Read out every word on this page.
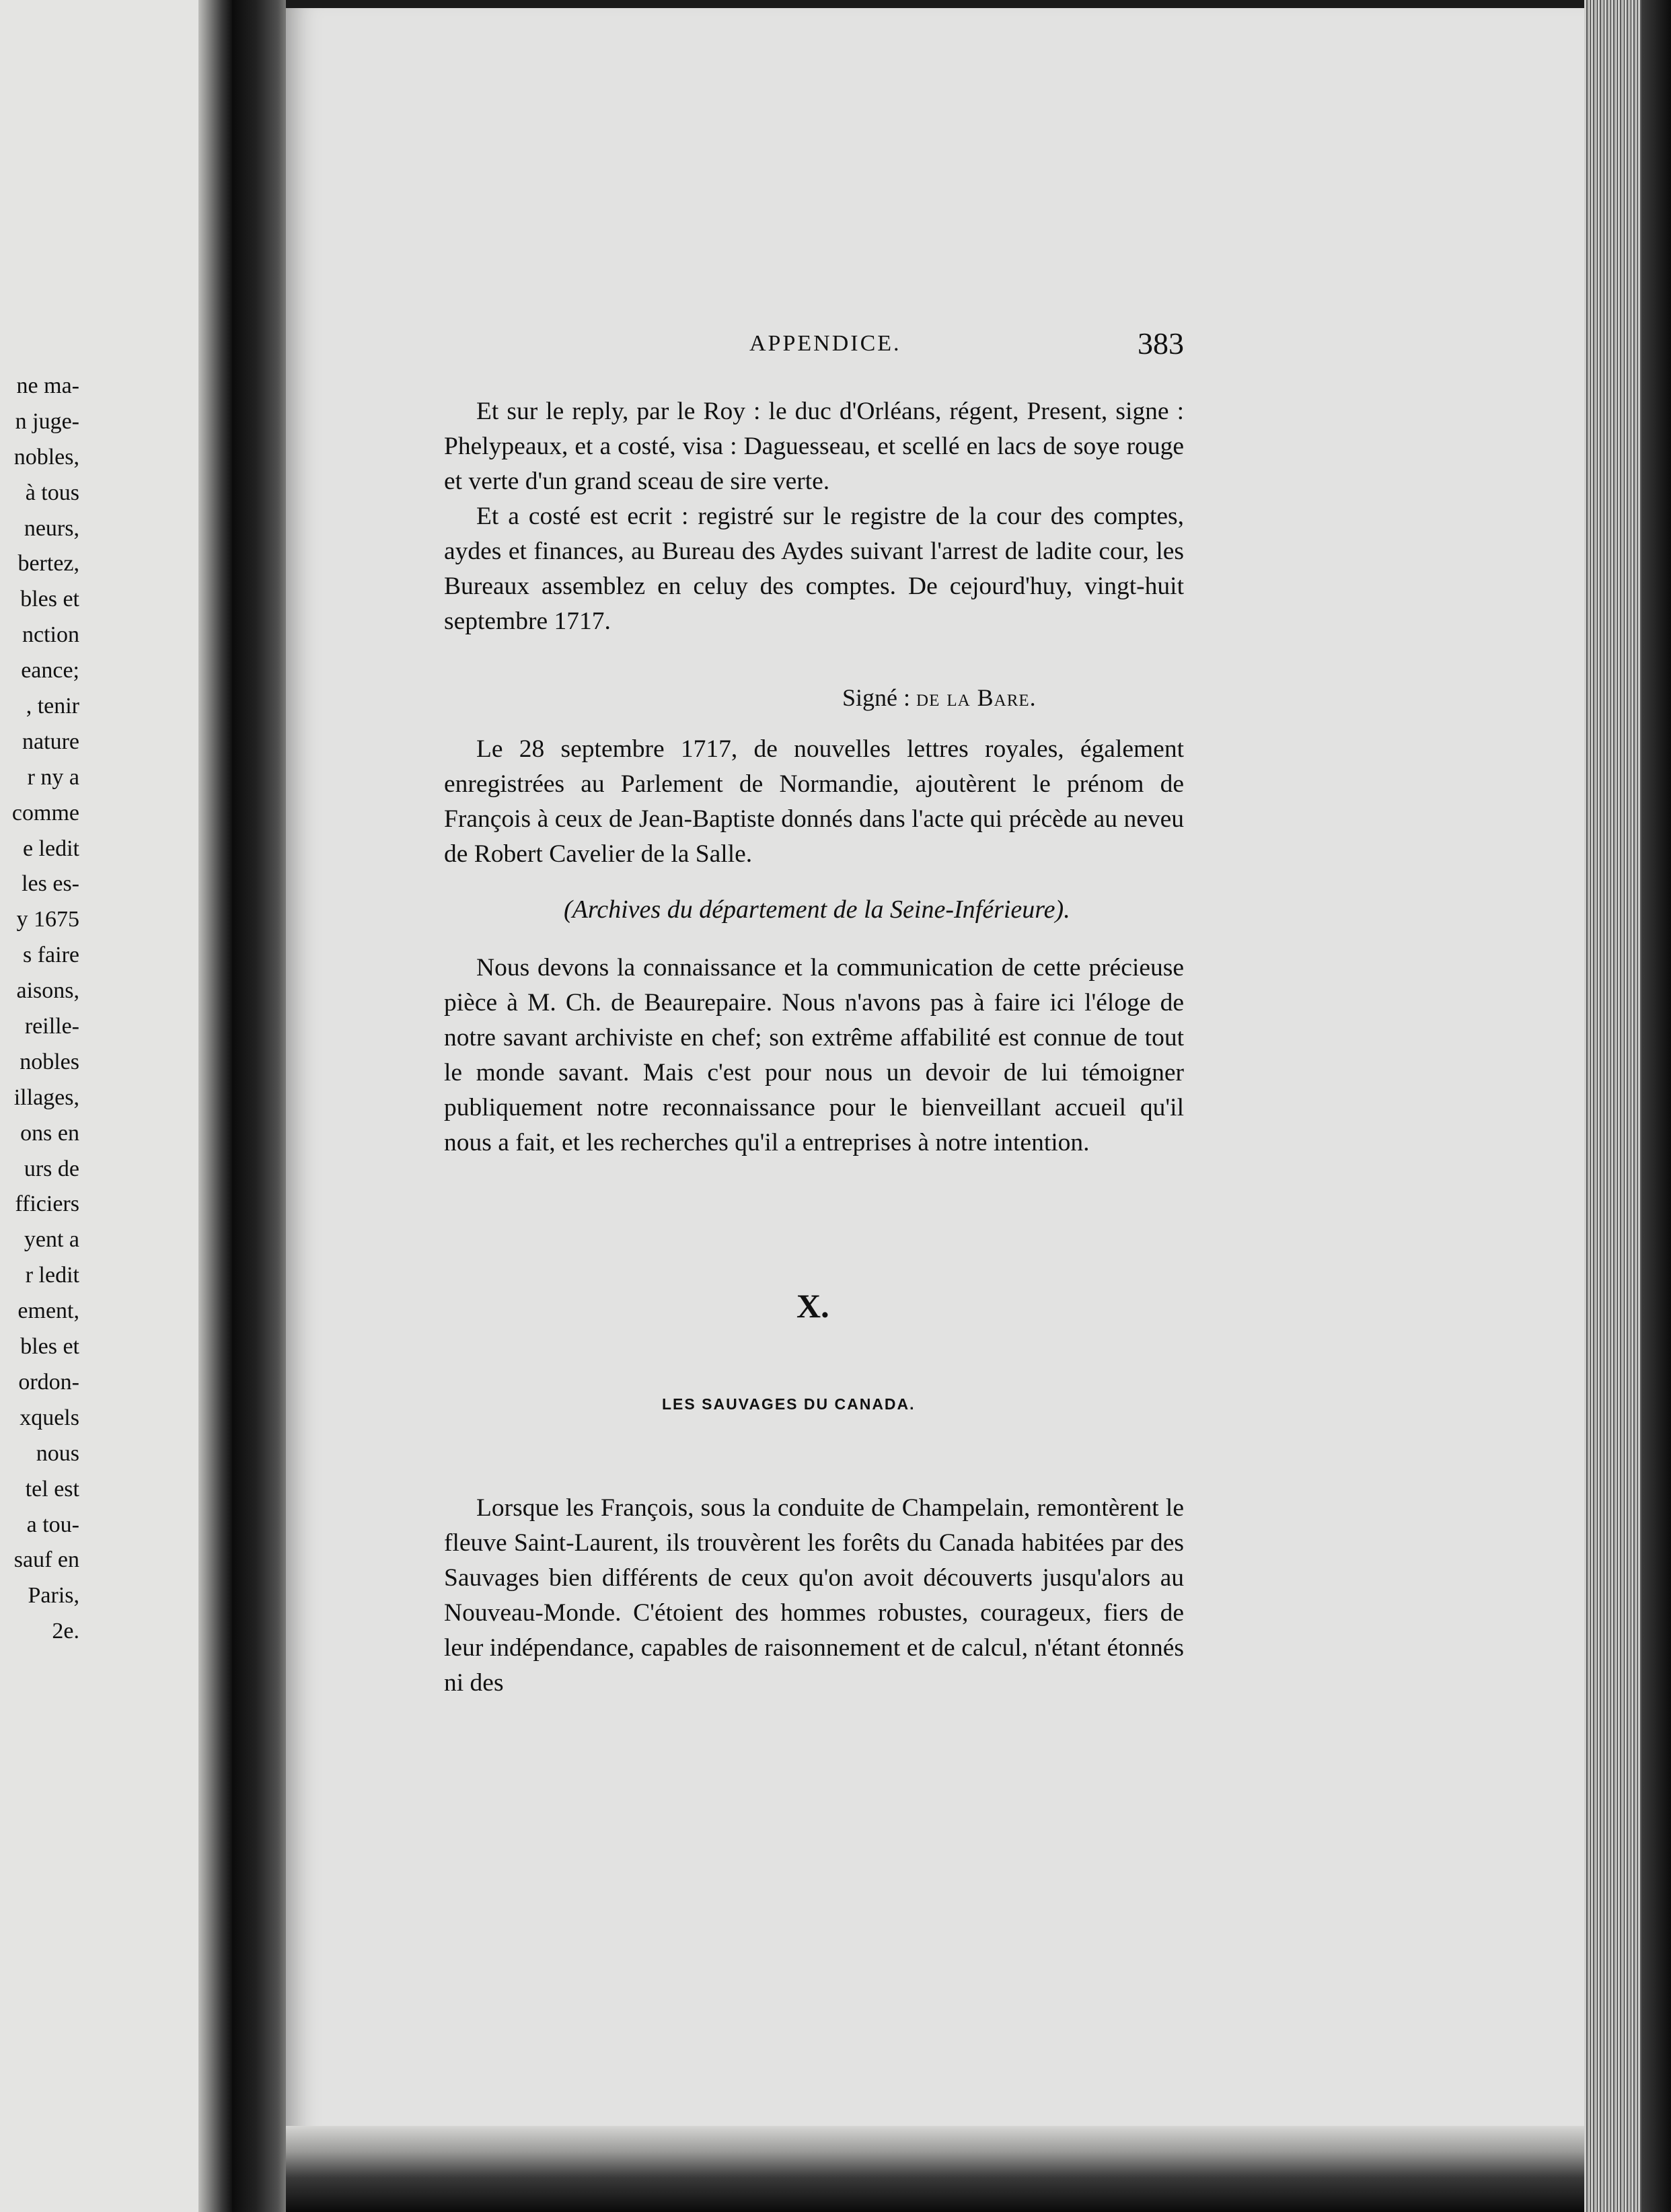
ne ma-
n juge-
nobles,
à tous
neurs,
bertez,
bles et
nction
eance;
, tenir
nature
r ny a
comme
e ledit
les es-
y 1675
s faire
aisons,
reille-
nobles
illages,
ons en
urs de
fficiers
yent a
r ledit
ement,
bles et
ordon-
xquels
nous
tel est
a tou-
sauf en
Paris,
2e.
APPENDICE.	383

Et sur le reply, par le Roy : le duc d'Orléans, régent, Present, signe : Phelypeaux, et a costé, visa : Daguesseau, et scellé en lacs de soye rouge et verte d'un grand sceau de sire verte.

Et a costé est ecrit : registré sur le registre de la cour des comptes, aydes et finances, au Bureau des Aydes suivant l'arrest de ladite cour, les Bureaux assemblez en celuy des comptes. De cejourd'huy, vingt-huit septembre 1717.

Signé : de la Bare.

Le 28 septembre 1717, de nouvelles lettres royales, également enregistrées au Parlement de Normandie, ajoutèrent le prénom de François à ceux de Jean-Baptiste donnés dans l'acte qui précède au neveu de Robert Cavelier de la Salle.

(Archives du département de la Seine-Inférieure).

Nous devons la connaissance et la communication de cette précieuse pièce à M. Ch. de Beaurepaire. Nous n'avons pas à faire ici l'éloge de notre savant archiviste en chef; son extrême affabilité est connue de tout le monde savant. Mais c'est pour nous un devoir de lui témoigner publiquement notre reconnaissance pour le bienveillant accueil qu'il nous a fait, et les recherches qu'il a entreprises à notre intention.

X.
LES SAUVAGES DU CANADA.

Lorsque les François, sous la conduite de Champelain, remontèrent le fleuve Saint-Laurent, ils trouvèrent les forêts du Canada habitées par des Sauvages bien différents de ceux qu'on avoit découverts jusqu'alors au Nouveau-Monde. C'étoient des hommes robustes, courageux, fiers de leur indépendance, capables de raisonnement et de calcul, n'étant étonnés ni des
